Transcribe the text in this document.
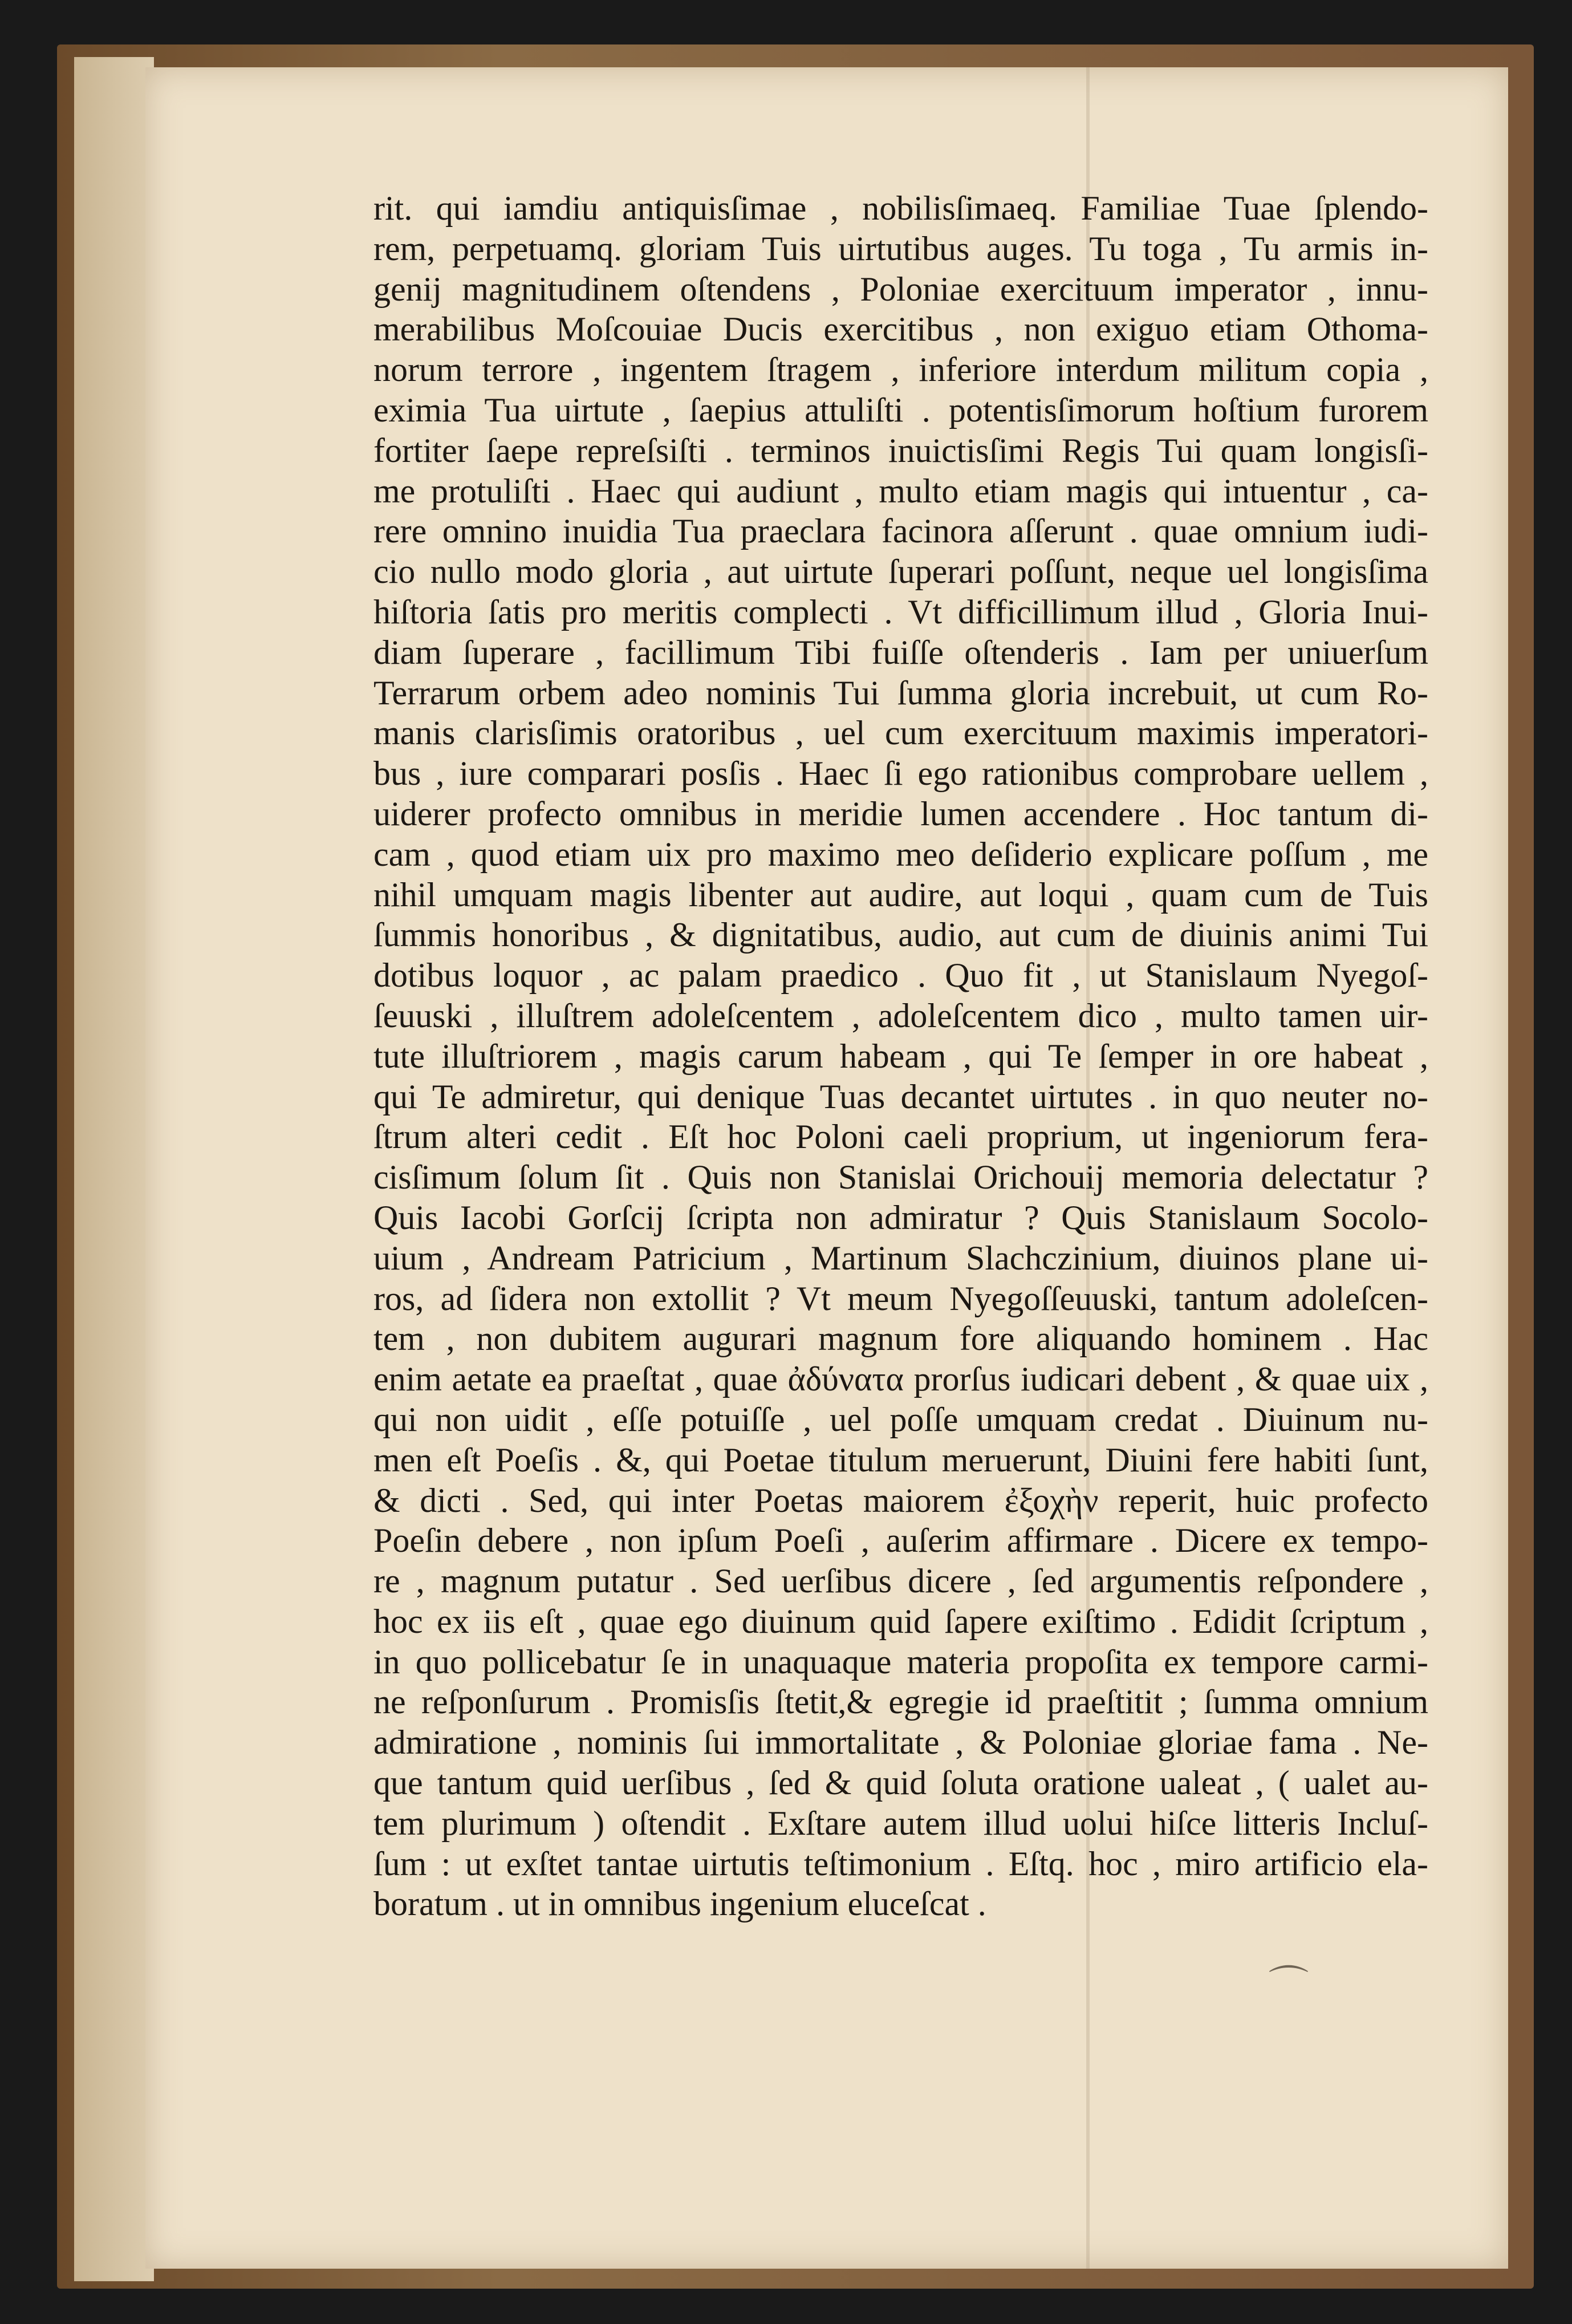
rit. qui iamdiu antiquisſimae , nobilisſimaeq. Familiae Tuae ſplendo-
rem, perpetuamq. gloriam Tuis uirtutibus auges. Tu toga , Tu armis in-
genij magnitudinem oſtendens , Poloniae exercituum imperator , innu-
merabilibus Moſcouiae Ducis exercitibus , non exiguo etiam Othoma-
norum terrore , ingentem ſtragem , inferiore interdum militum copia ,
eximia Tua uirtute , ſaepius attuliſti . potentisſimorum hoſtium furorem
fortiter ſaepe repreſsiſti . terminos inuictisſimi Regis Tui quam longisſi-
me protuliſti . Haec qui audiunt , multo etiam magis qui intuentur , ca-
rere omnino inuidia Tua praeclara facinora aſſerunt . quae omnium iudi-
cio nullo modo gloria , aut uirtute ſuperari poſſunt, neque uel longisſima
hiſtoria ſatis pro meritis complecti . Vt difficillimum illud , Gloria Inui-
diam ſuperare , facillimum Tibi fuiſſe oſtenderis . Iam per uniuerſum
Terrarum orbem adeo nominis Tui ſumma gloria increbuit, ut cum Ro-
manis clarisſimis oratoribus , uel cum exercituum maximis imperatori-
bus , iure comparari posſis . Haec ſi ego rationibus comprobare uellem ,
uiderer profecto omnibus in meridie lumen accendere . Hoc tantum di-
cam , quod etiam uix pro maximo meo deſiderio explicare poſſum , me
nihil umquam magis libenter aut audire, aut loqui , quam cum de Tuis
ſummis honoribus , & dignitatibus, audio, aut cum de diuinis animi Tui
dotibus loquor , ac palam praedico . Quo fit , ut Stanislaum Nyegoſ-
ſeuuski , illuſtrem adoleſcentem , adoleſcentem dico , multo tamen uir-
tute illuſtriorem , magis carum habeam , qui Te ſemper in ore habeat ,
qui Te admiretur, qui denique Tuas decantet uirtutes . in quo neuter no-
ſtrum alteri cedit . Eſt hoc Poloni caeli proprium, ut ingeniorum fera-
cisſimum ſolum ſit . Quis non Stanislai Orichouij memoria delectatur ?
Quis Iacobi Gorſcij ſcripta non admiratur ? Quis Stanislaum Socolo-
uium , Andream Patricium , Martinum Slachczinium, diuinos plane ui-
ros, ad ſidera non extollit ? Vt meum Nyegoſſeuuski, tantum adoleſcen-
tem , non dubitem augurari magnum fore aliquando hominem . Hac
enim aetate ea praeſtat , quae ἀδύνατα prorſus iudicari debent , & quae uix ,
qui non uidit , eſſe potuiſſe , uel poſſe umquam credat . Diuinum nu-
men eſt Poeſis . &, qui Poetae titulum meruerunt, Diuini fere habiti ſunt,
& dicti . Sed, qui inter Poetas maiorem ἐξοχὴν reperit, huic profecto
Poeſin debere , non ipſum Poeſi , auſerim affirmare . Dicere ex tempo-
re , magnum putatur . Sed uerſibus dicere , ſed argumentis reſpondere ,
hoc ex iis eſt , quae ego diuinum quid ſapere exiſtimo . Edidit ſcriptum ,
in quo pollicebatur ſe in unaquaque materia propoſita ex tempore carmi-
ne reſponſurum . Promisſis ſtetit,& egregie id praeſtitit ; ſumma omnium
admiratione , nominis ſui immortalitate , & Poloniae gloriae fama . Ne-
que tantum quid uerſibus , ſed & quid ſoluta oratione ualeat , ( ualet au-
tem plurimum ) oſtendit . Exſtare autem illud uolui hiſce litteris Incluſ-
ſum : ut exſtet tantae uirtutis teſtimonium . Eſtq. hoc , miro artificio ela-
boratum . ut in omnibus ingenium eluceſcat .
⌒
